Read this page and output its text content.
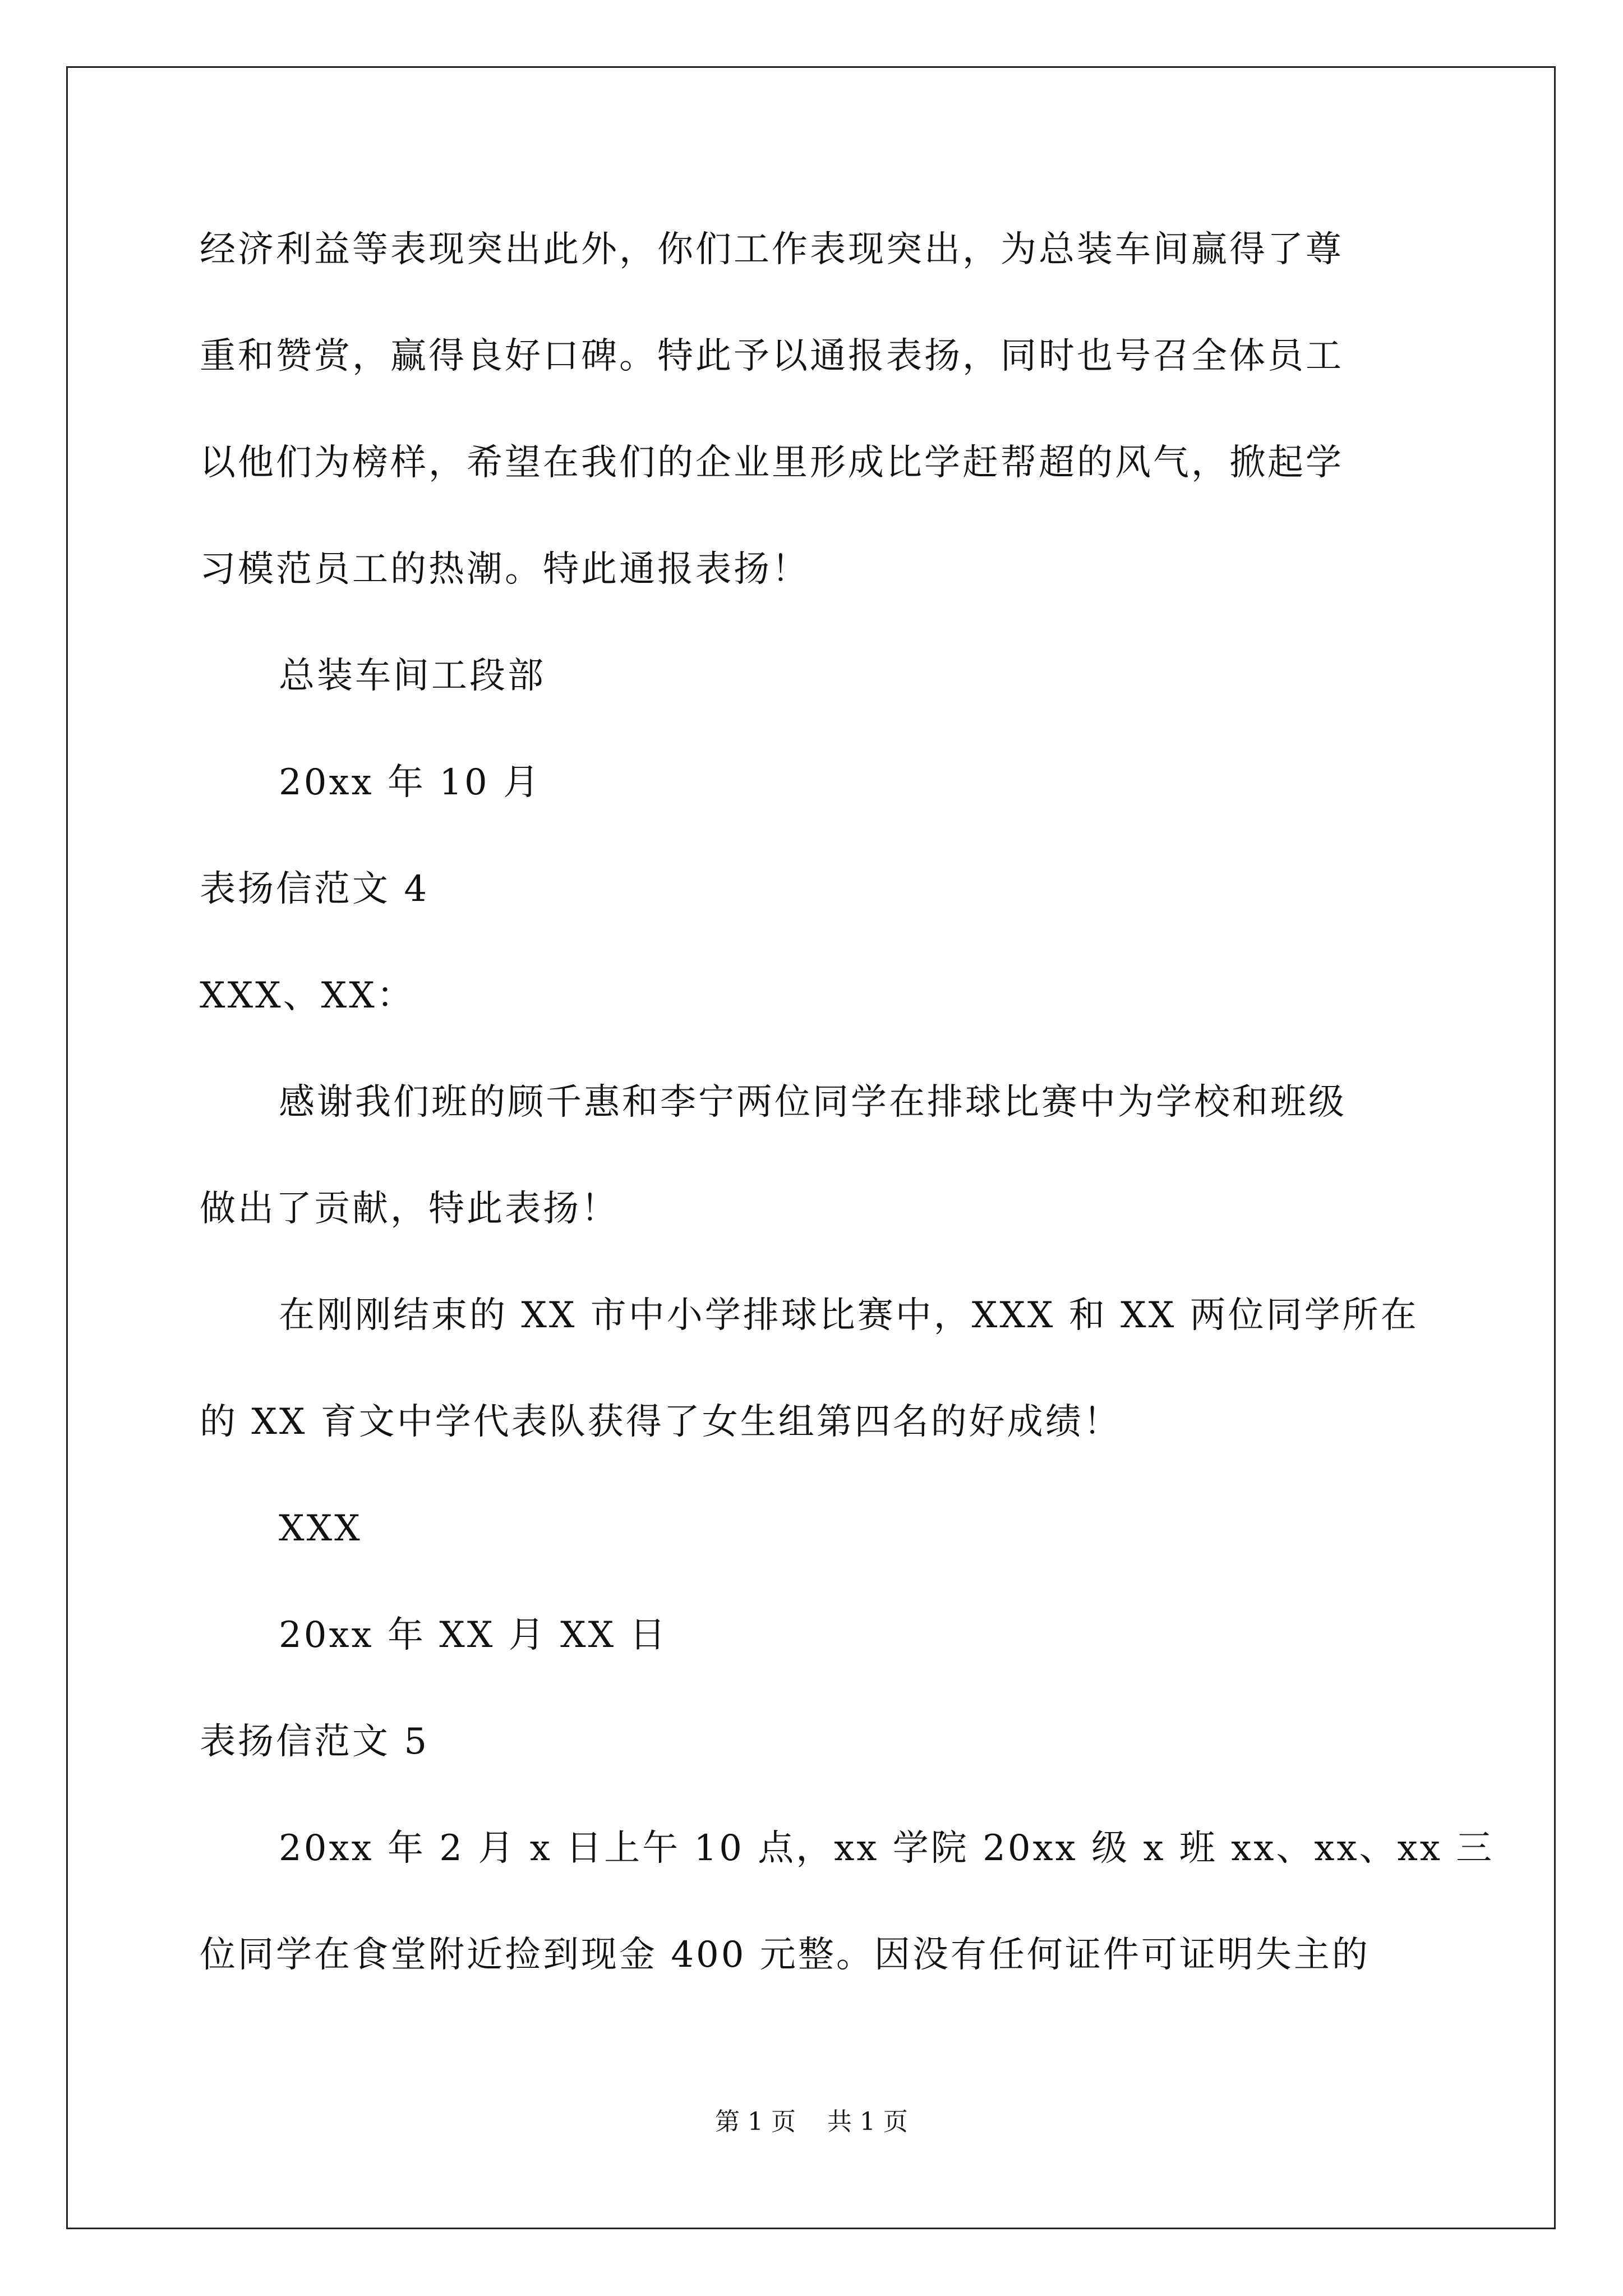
经济利益等表现突出此外，你们工作表现突出，为总装车间赢得了尊
重和赞赏，赢得良好口碑。特此予以通报表扬，同时也号召全体员工
以他们为榜样，希望在我们的企业里形成比学赶帮超的风气，掀起学
习模范员工的热潮。特此通报表扬！
总装车间工段部
20xx 年 10 月
表扬信范文 4
XXX、XX：
感谢我们班的顾千惠和李宁两位同学在排球比赛中为学校和班级
做出了贡献，特此表扬！
在刚刚结束的 XX 市中小学排球比赛中，XXX 和 XX 两位同学所在
的 XX 育文中学代表队获得了女生组第四名的好成绩！
XXX
20xx 年 XX 月 XX 日
表扬信范文 5
20xx 年 2 月 x 日上午 10 点，xx 学院 20xx 级 x 班 xx、xx、xx 三
位同学在食堂附近捡到现金 400 元整。因没有任何证件可证明失主的
第 1 页    共 1 页
